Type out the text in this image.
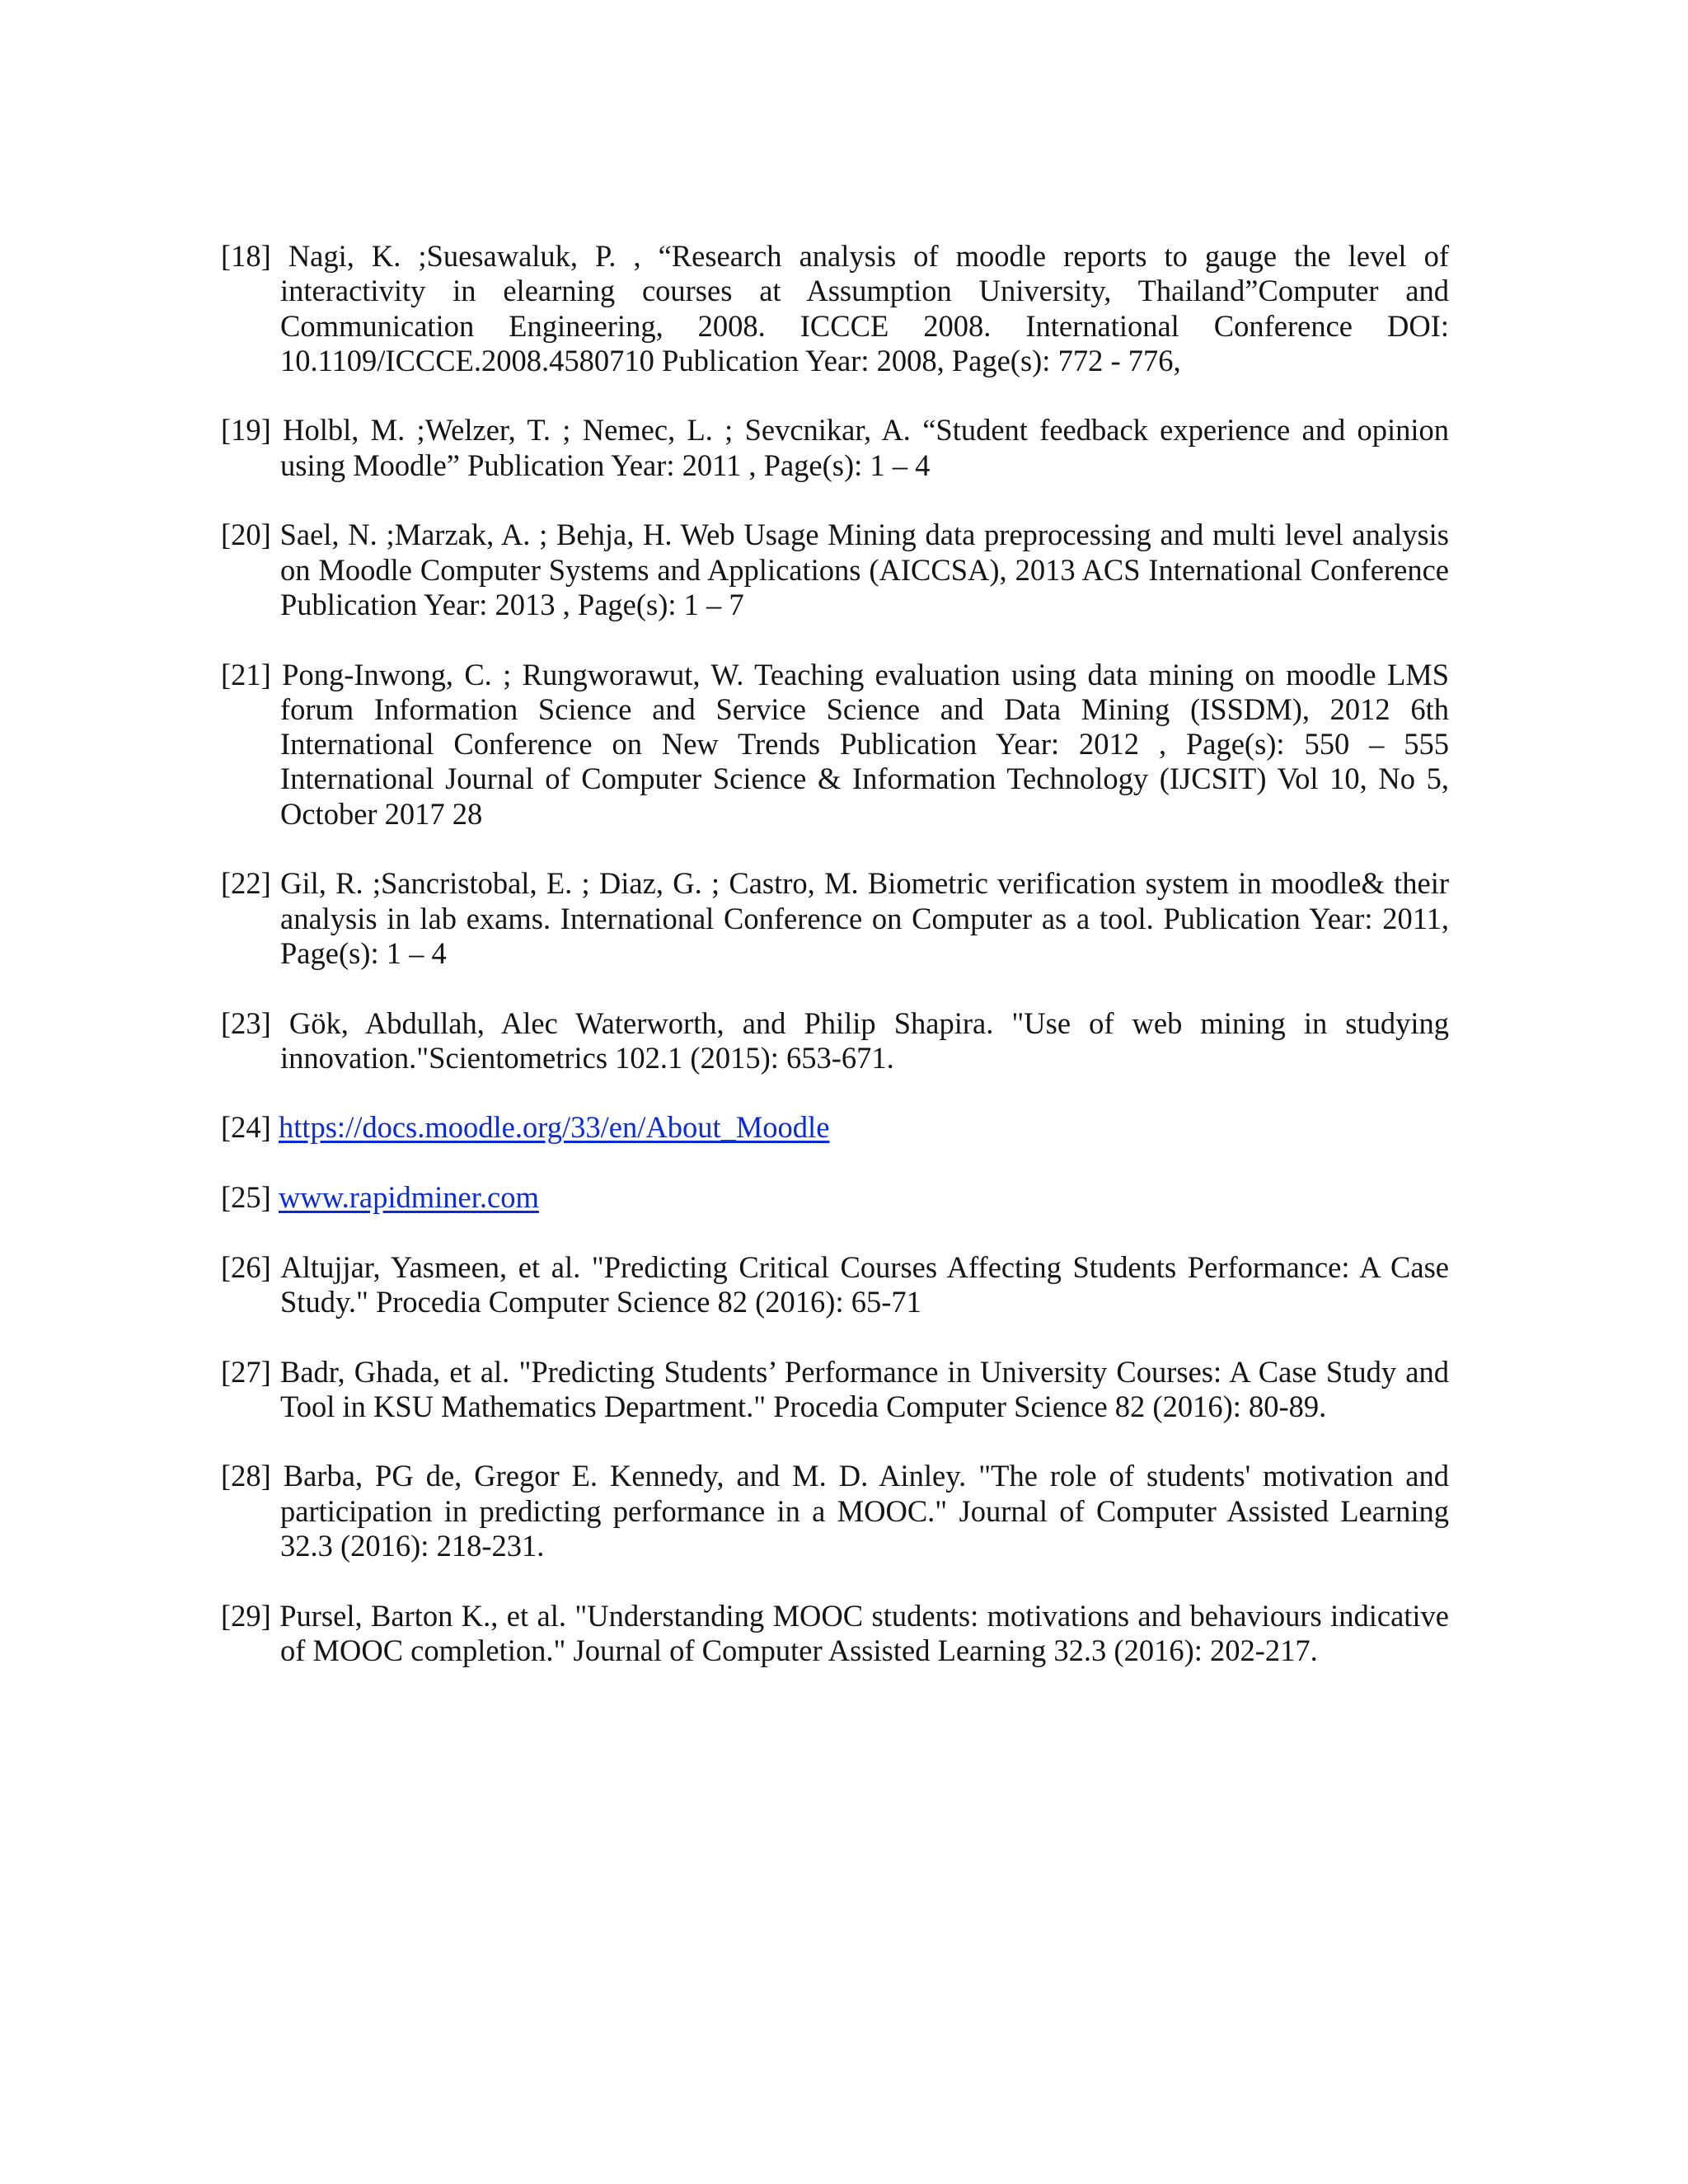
[18] Nagi, K. ;Suesawaluk, P. , “Research analysis of moodle reports to gauge the level of interactivity in elearning courses at Assumption University, Thailand”Computer and Communication Engineering, 2008. ICCCE 2008. International Conference DOI: 10.1109/ICCCE.2008.4580710 Publication Year: 2008, Page(s): 772 - 776,

[19] Holbl, M. ;Welzer, T. ; Nemec, L. ; Sevcnikar, A. “Student feedback experience and opinion using Moodle” Publication Year: 2011 , Page(s): 1 – 4

[20] Sael, N. ;Marzak, A. ; Behja, H. Web Usage Mining data preprocessing and multi level analysis on Moodle Computer Systems and Applications (AICCSA), 2013 ACS International Conference Publication Year: 2013 , Page(s): 1 – 7

[21] Pong-Inwong, C. ; Rungworawut, W. Teaching evaluation using data mining on moodle LMS forum Information Science and Service Science and Data Mining (ISSDM), 2012 6th International Conference on New Trends Publication Year: 2012 , Page(s): 550 – 555 International Journal of Computer Science & Information Technology (IJCSIT) Vol 10, No 5, October 2017 28

[22] Gil, R. ;Sancristobal, E. ; Diaz, G. ; Castro, M. Biometric verification system in moodle& their analysis in lab exams. International Conference on Computer as a tool. Publication Year: 2011, Page(s): 1 – 4

[23] Gök, Abdullah, Alec Waterworth, and Philip Shapira. "Use of web mining in studying innovation."Scientometrics 102.1 (2015): 653-671.

[24] https://docs.moodle.org/33/en/About_Moodle

[25] www.rapidminer.com

[26] Altujjar, Yasmeen, et al. "Predicting Critical Courses Affecting Students Performance: A Case Study." Procedia Computer Science 82 (2016): 65-71

[27] Badr, Ghada, et al. "Predicting Students’ Performance in University Courses: A Case Study and Tool in KSU Mathematics Department." Procedia Computer Science 82 (2016): 80-89.

[28] Barba, PG de, Gregor E. Kennedy, and M. D. Ainley. "The role of students' motivation and participation in predicting performance in a MOOC." Journal of Computer Assisted Learning 32.3 (2016): 218-231.

[29] Pursel, Barton K., et al. "Understanding MOOC students: motivations and behaviours indicative of MOOC completion." Journal of Computer Assisted Learning 32.3 (2016): 202-217.
